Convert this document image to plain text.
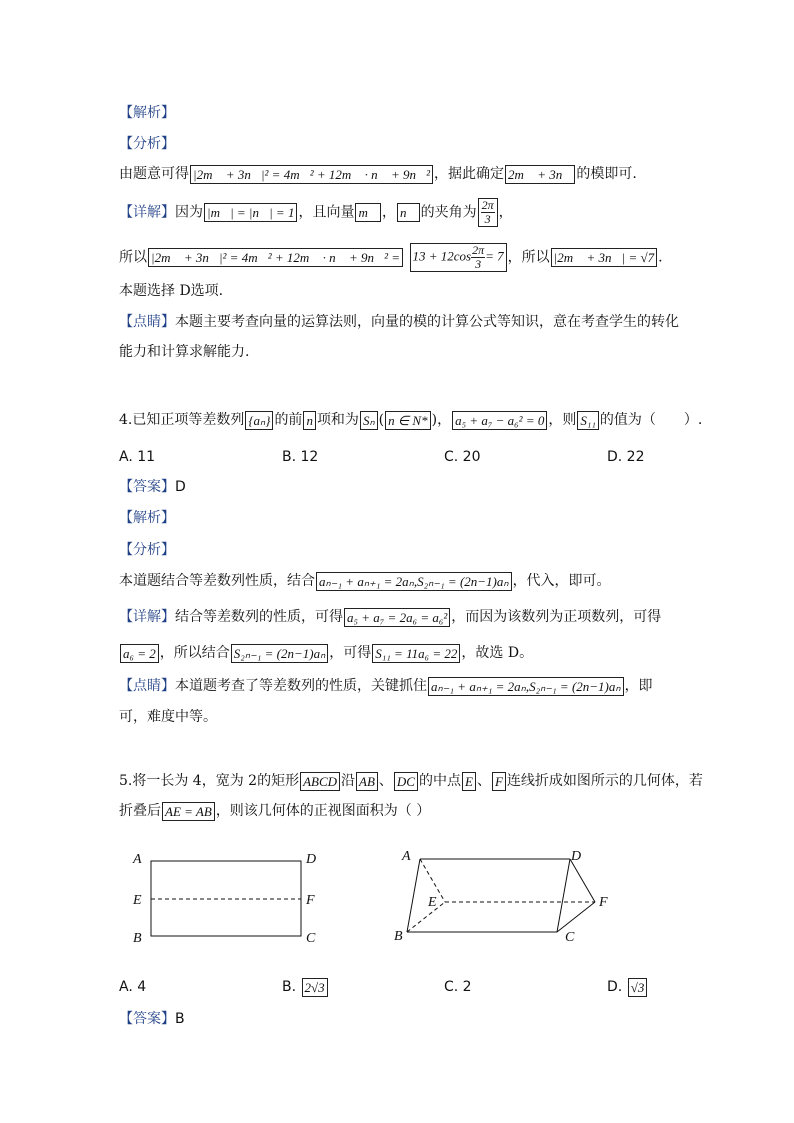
【解析】
【分析】
由题意可得 |2m⃗ + 3n⃗|² = 4m⃗² + 12m⃗ · n⃗ + 9n⃗² ，据此确定 2m⃗ + 3n⃗ 的模即可.
【详解】因为 |m⃗| = |n⃗| = 1 ，且向量 m⃗ ， n⃗ 的夹角为 $\frac{2\pi}{3}$ ，
所以 |2m⃗ + 3n⃗|² = 4m⃗² + 12m⃗ · n⃗ + 9n⃗² = $13 + 12\cos \frac{2\pi}{3} = 7$ ，所以 |2m⃗ + 3n⃗| = √7 .
本题选择 D选项.
【点睛】本题主要考查向量的运算法则，向量的模的计算公式等知识，意在考查学生的转化
能力和计算求解能力.
4.已知正项等差数列 {aₙ} 的前 n 项和为 Sₙ ( n ∈ N* )， a₅ + a₇ − a₆² = 0 ，则 S₁₁ 的值为（　　）.
A. 11	B. 12	C. 20	D. 22
【答案】D
【解析】
【分析】
本道题结合等差数列性质，结合 aₙ₋₁ + aₙ₊₁ = 2aₙ,S₂ₙ₋₁ = (2n−1)aₙ ，代入，即可。
【详解】结合等差数列的性质，可得 a₅ + a₇ = 2a₆ = a₆² ，而因为该数列为正项数列，可得
a₆ = 2 ，所以结合 S₂ₙ₋₁ = (2n−1)aₙ ，可得 S₁₁ = 11a₆ = 22 ，故选 D。
【点睛】本道题考查了等差数列的性质，关键抓住 aₙ₋₁ + aₙ₊₁ = 2aₙ,S₂ₙ₋₁ = (2n−1)aₙ ，即
可，难度中等。
5.将一长为 4，宽为 2的矩形 ABCD 沿 AB 、 DC 的中点 E 、 F 连线折成如图所示的几何体，若
折叠后 AE = AB ，则该几何体的正视图面积为（ ）
A	D
E	F
B	C
A	D
E	F
B	C
A. 4	B. 2√3	C. 2	D. √3
【答案】B
